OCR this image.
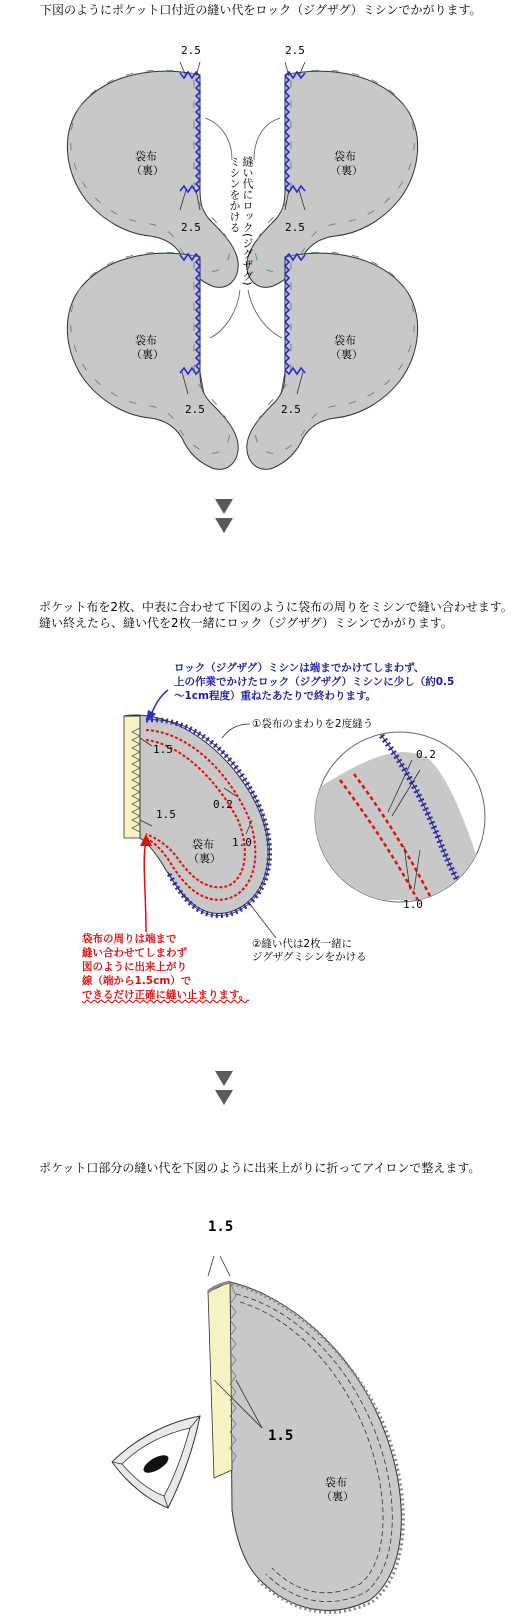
下図のようにポケット口付近の縫い代をロック（ジグザグ）ミシンでかがります。
袋布
（裏）
袋布
（裏）
袋布
（裏）
袋布
（裏）
2.5	2.5
2.5	2.5
2.5	2.5
縫い代にロック(ジグザグ)
ミシンをかける
ポケット布を2枚、中表に合わせて下図のように袋布の周りをミシンで縫い合わせます。
縫い終えたら、縫い代を2枚一緒にロック（ジグザグ）ミシンでかがります。
ロック（ジグザグ）ミシンは端までかけてしまわず、
上の作業でかけたロック（ジグザグ）ミシンに少し（約0.5
〜1cm程度）重ねたあたりで終わります。
①袋布のまわりを2度縫う
1.5
1.5
0.2
1.0
袋布
（裏）
0.2
1.0
②縫い代は2枚一緒に
ジグザグミシンをかける
袋布の周りは端まで
縫い合わせてしまわず
図のように出来上がり
線（端から1.5cm）で
できるだけ正確に縫い止まります。
ポケット口部分の縫い代を下図のように出来上がりに折ってアイロンで整えます。
1.5
1.5
袋布
（裏）
